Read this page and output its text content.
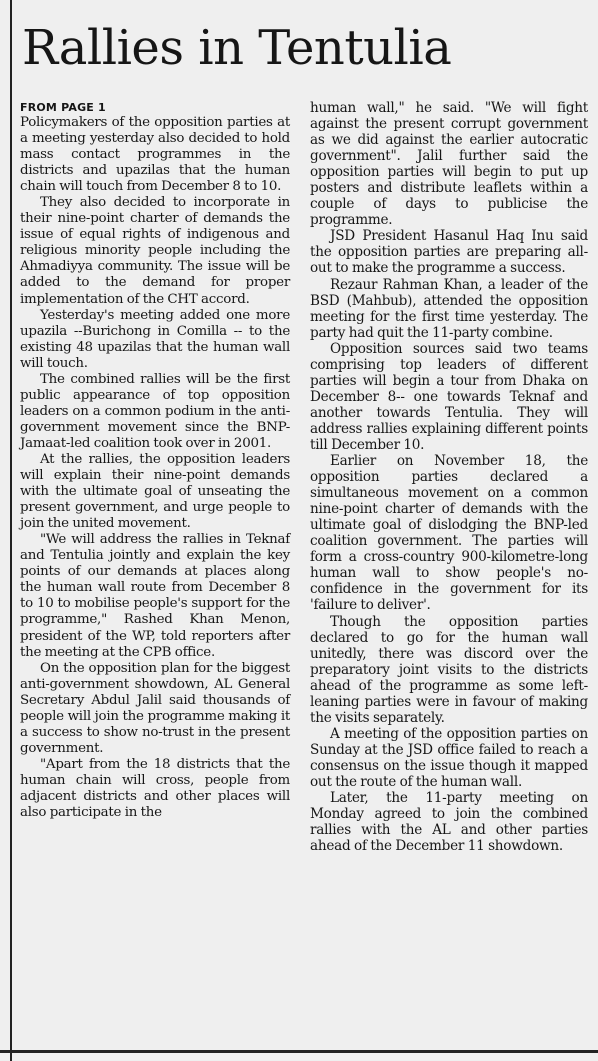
Rallies in Tentulia
FROM PAGE 1

Policymakers of the opposition parties at a meeting yesterday also decided to hold mass contact programmes in the districts and upazilas that the human chain will touch from December 8 to 10.

They also decided to incorporate in their nine-point charter of demands the issue of equal rights of indigenous and religious minority people including the Ahmadiyya community. The issue will be added to the demand for proper implementation of the CHT accord.

Yesterday's meeting added one more upazila --Burichong in Comilla -- to the existing 48 upazilas that the human wall will touch.

The combined rallies will be the first public appearance of top opposition leaders on a common podium in the anti-government movement since the BNP-Jamaat-led coalition took over in 2001.

At the rallies, the opposition leaders will explain their nine-point demands with the ultimate goal of unseating the present government, and urge people to join the united movement.

"We will address the rallies in Teknaf and Tentulia jointly and explain the key points of our demands at places along the human wall route from December 8 to 10 to mobilise people's support for the programme," Rashed Khan Menon, president of the WP, told reporters after the meeting at the CPB office.

On the opposition plan for the biggest anti-government showdown, AL General Secretary Abdul Jalil said thousands of people will join the programme making it a success to show no-trust in the present government.

"Apart from the 18 districts that the human chain will cross, people from adjacent districts and other places will also participate in the

human wall," he said. "We will fight against the present corrupt government as we did against the earlier autocratic government". Jalil further said the opposition parties will begin to put up posters and distribute leaflets within a couple of days to publicise the programme.

JSD President Hasanul Haq Inu said the opposition parties are preparing all-out to make the programme a success.

Rezaur Rahman Khan, a leader of the BSD (Mahbub), attended the opposition meeting for the first time yesterday. The party had quit the 11-party combine.

Opposition sources said two teams comprising top leaders of different parties will begin a tour from Dhaka on December 8-- one towards Teknaf and another towards Tentulia. They will address rallies explaining different points till December 10.

Earlier on November 18, the opposition parties declared a simultaneous movement on a common nine-point charter of demands with the ultimate goal of dislodging the BNP-led coalition government. The parties will form a cross-country 900-kilometre-long human wall to show people's no-confidence in the government for its 'failure to deliver'.

Though the opposition parties declared to go for the human wall unitedly, there was discord over the preparatory joint visits to the districts ahead of the programme as some left-leaning parties were in favour of making the visits separately.

A meeting of the opposition parties on Sunday at the JSD office failed to reach a consensus on the issue though it mapped out the route of the human wall.

Later, the 11-party meeting on Monday agreed to join the combined rallies with the AL and other parties ahead of the December 11 showdown.
